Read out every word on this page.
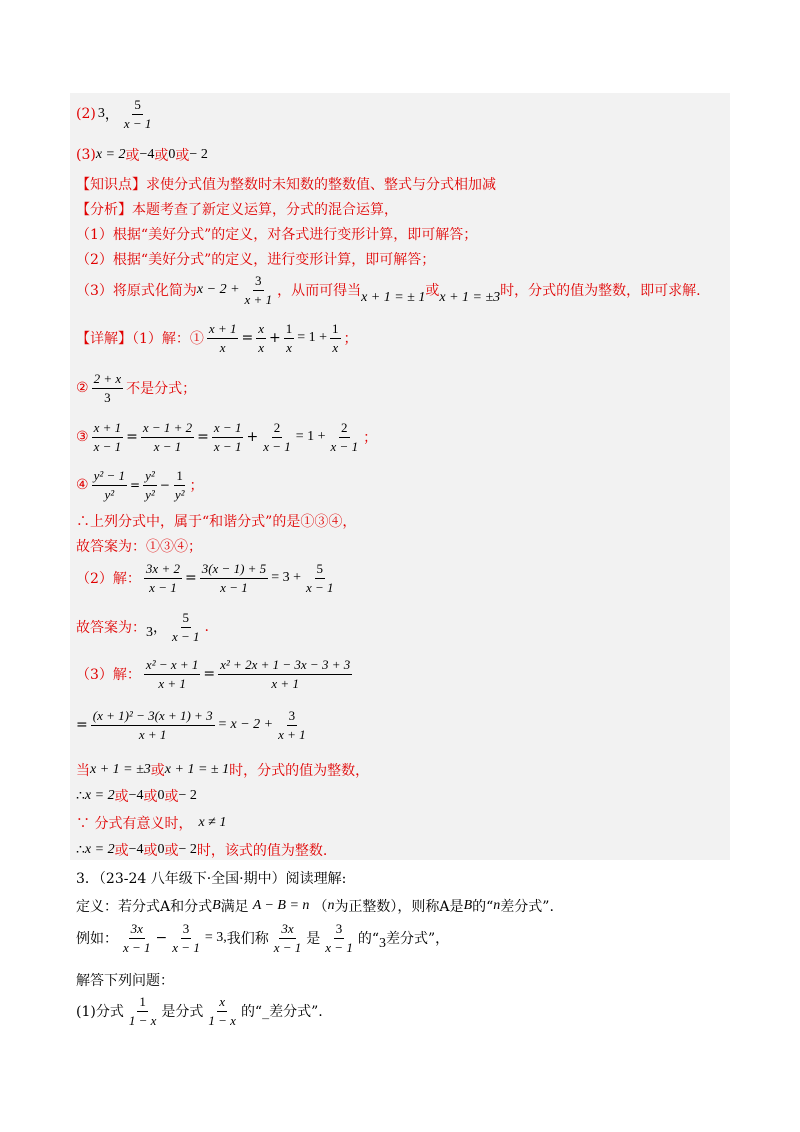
(2) 3 ， $\frac{5}{x - 1}$
(3) x = 2 或 −4 或 0 或 − 2
【知识点】求使分式值为整数时未知数的整数值、整式与分式相加减
【分析】本题考查了新定义运算，分式的混合运算，
（1）根据“美好分式”的定义，对各式进行变形计算，即可解答；
（2）根据“美好分式”的定义，进行变形计算，即可解答；
（3）将原式化简为 $x - 2 + \frac{3}{x + 1}$ ，从而可得当 x + 1 = ± 1 或 x + 1 = ±3 时，分式的值为整数，即可求解.
【详解】（1）解：① $\frac{x + 1}{x} = \frac{x}{x} + \frac{1}{x} = 1 + \frac{1}{x}$ ；
② $\frac{2 + x}{3}$ 不是分式；
③ $\frac{x + 1}{x - 1} = \frac{x - 1 + 2}{x - 1} = \frac{x - 1}{x - 1} + \frac{2}{x - 1} = 1 + \frac{2}{x - 1}$ ；
④ $\frac{\text{y² − 1}}{\text{y²}} = \frac{\text{y²}}{\text{y²}} - \frac{1}{\text{y²}}$ ；
∴上列分式中，属于“和谐分式”的是①③④，
故答案为：①③④；
（2）解： $\frac{3x + 2}{x - 1} = \frac{3(x - 1) + 5}{x - 1} = 3 + \frac{5}{x - 1}$
故答案为： 3 ， $\frac{5}{x - 1}$ .
（3）解： $\frac{\text{x² − x + 1}}{x + 1} = \frac{\text{x² + 2x + 1 − 3x − 3 + 3}}{x + 1}$
= $\frac{\text{(x + 1)² − 3(x + 1) + 3}}{x + 1} = x - 2 + \frac{3}{x + 1}$
当 x + 1 = ±3 或 x + 1 = ± 1 时，分式的值为整数，
∴ x = 2 或 −4 或 0 或 − 2
∵ 分式有意义时， x ≠ 1
∴ x = 2 或 −4 或 0 或 − 2 时，该式的值为整数.
3．（23-24 八年级下·全国·期中）阅读理解:
定义：若分式A和分式 B 满足 A − B = n （ n 为正整数），则称A是 B 的“ n 差分式”.
例如： $\frac{3x}{x - 1} - \frac{3}{x - 1} = 3$, 我们称 $\frac{3x}{x - 1}$ 是 $\frac{3}{x - 1}$ 的“ 3 差分式”，
解答下列问题：
(1)分式 $\frac{1}{1 - x}$ 是分式 $\frac{x}{1 - x}$ 的“_差分式”.
